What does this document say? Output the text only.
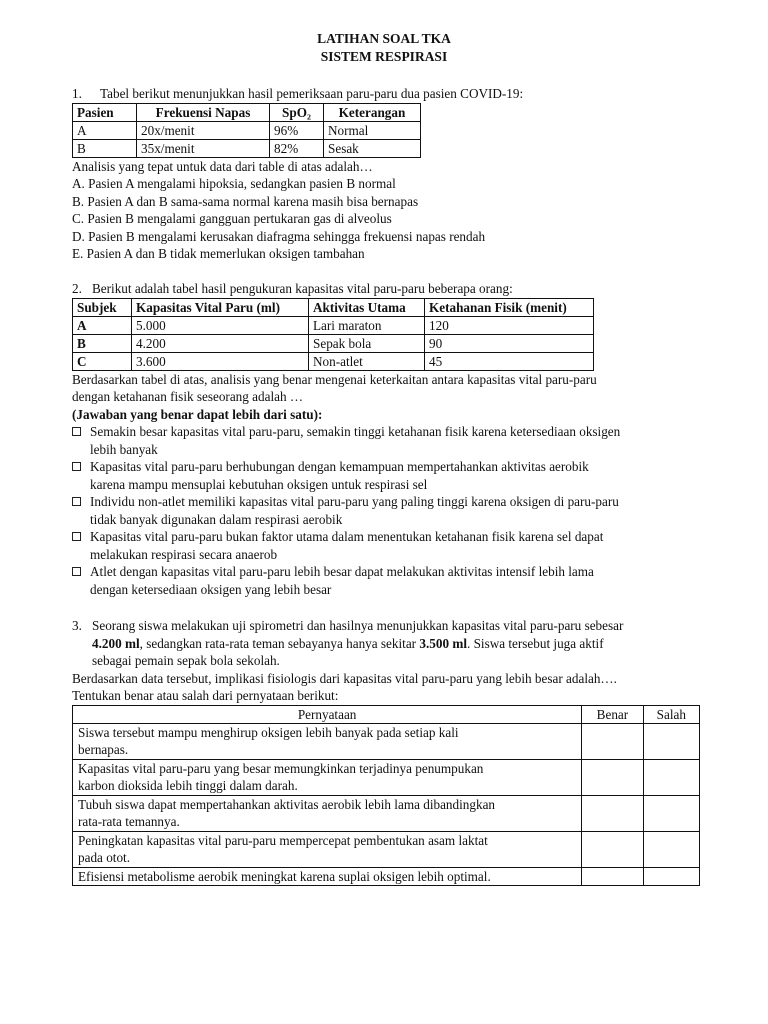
LATIHAN SOAL TKA
SISTEM RESPIRASI
1. Tabel berikut menunjukkan hasil pemeriksaan paru-paru dua pasien COVID-19:
Pasien	Frekuensi Napas	SpO₂	Keterangan
A	20x/menit	96%	Normal
B	35x/menit	82%	Sesak
Analisis yang tepat untuk data dari table di atas adalah…
A. Pasien A mengalami hipoksia, sedangkan pasien B normal
B. Pasien A dan B sama-sama normal karena masih bisa bernapas
C. Pasien B mengalami gangguan pertukaran gas di alveolus
D. Pasien B mengalami kerusakan diafragma sehingga frekuensi napas rendah
E. Pasien A dan B tidak memerlukan oksigen tambahan
2. Berikut adalah tabel hasil pengukuran kapasitas vital paru-paru beberapa orang:
Subjek	Kapasitas Vital Paru (ml)	Aktivitas Utama	Ketahanan Fisik (menit)
A	5.000	Lari maraton	120
B	4.200	Sepak bola	90
C	3.600	Non-atlet	45
Berdasarkan tabel di atas, analisis yang benar mengenai keterkaitan antara kapasitas vital paru-paru
dengan ketahanan fisik seseorang adalah …
(Jawaban yang benar dapat lebih dari satu):
Semakin besar kapasitas vital paru-paru, semakin tinggi ketahanan fisik karena ketersediaan oksigen
lebih banyak
Kapasitas vital paru-paru berhubungan dengan kemampuan mempertahankan aktivitas aerobik
karena mampu mensuplai kebutuhan oksigen untuk respirasi sel
Individu non-atlet memiliki kapasitas vital paru-paru yang paling tinggi karena oksigen di paru-paru
tidak banyak digunakan dalam respirasi aerobik
Kapasitas vital paru-paru bukan faktor utama dalam menentukan ketahanan fisik karena sel dapat
melakukan respirasi secara anaerob
Atlet dengan kapasitas vital paru-paru lebih besar dapat melakukan aktivitas intensif lebih lama
dengan ketersediaan oksigen yang lebih besar
3. Seorang siswa melakukan uji spirometri dan hasilnya menunjukkan kapasitas vital paru-paru sebesar
4.200 ml, sedangkan rata-rata teman sebayanya hanya sekitar 3.500 ml. Siswa tersebut juga aktif
sebagai pemain sepak bola sekolah.
Berdasarkan data tersebut, implikasi fisiologis dari kapasitas vital paru-paru yang lebih besar adalah….
Tentukan benar atau salah dari pernyataan berikut:
Pernyataan	Benar	Salah

Siswa tersebut mampu menghirup oksigen lebih banyak pada setiap kali
bernapas.		

Kapasitas vital paru-paru yang besar memungkinkan terjadinya penumpukan
karbon dioksida lebih tinggi dalam darah.		

Tubuh siswa dapat mempertahankan aktivitas aerobik lebih lama dibandingkan
rata-rata temannya.		

Peningkatan kapasitas vital paru-paru mempercepat pembentukan asam laktat
pada otot.		

Efisiensi metabolisme aerobik meningkat karena suplai oksigen lebih optimal.		
